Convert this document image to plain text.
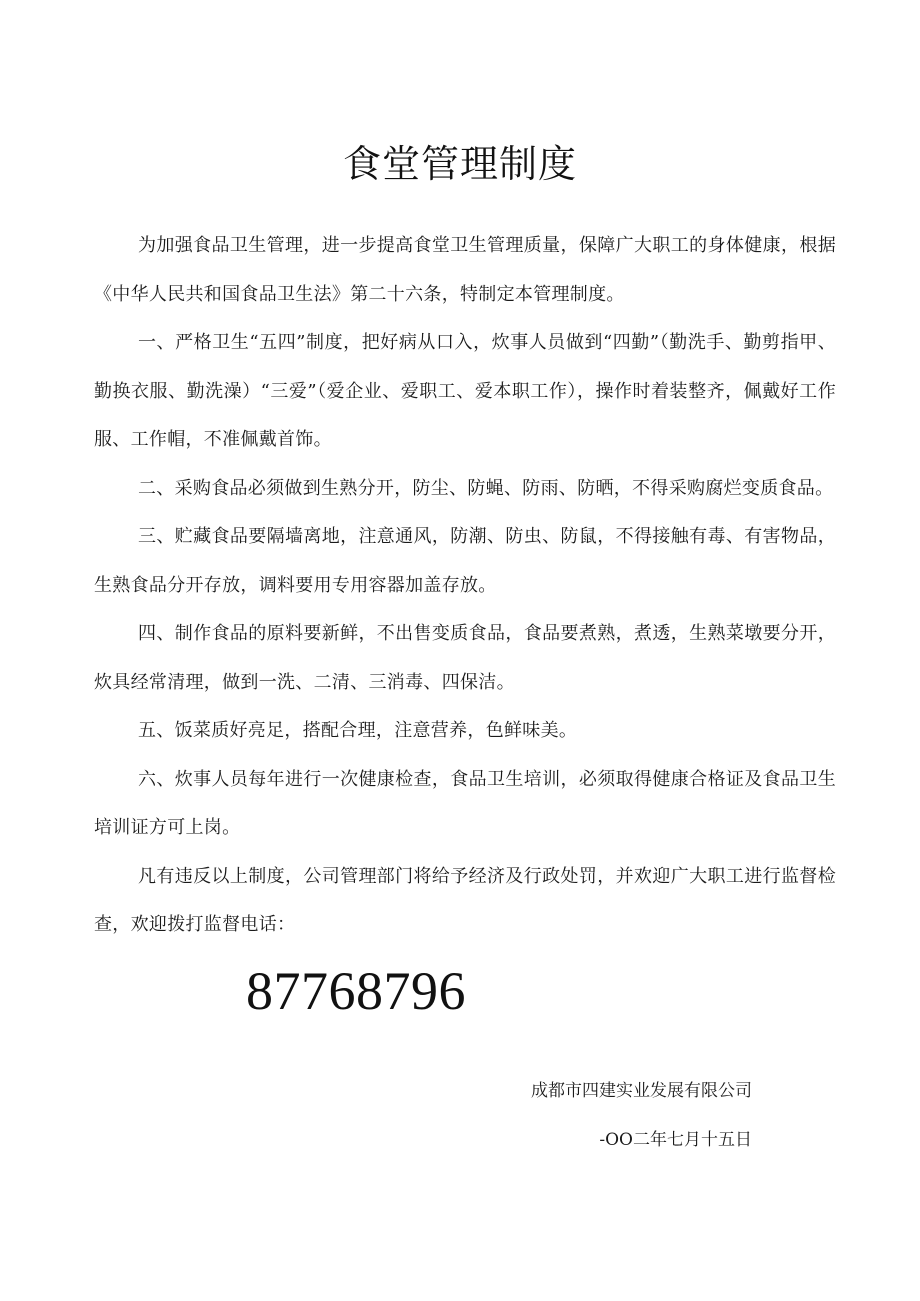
食堂管理制度

为加强食品卫生管理，进一步提高食堂卫生管理质量，保障广大职工的身体健康，根据《中华人民共和国食品卫生法》第二十六条，特制定本管理制度。

一、严格卫生“五四”制度，把好病从口入，炊事人员做到“四勤”（勤洗手、勤剪指甲、勤换衣服、勤洗澡）“三爱”（爱企业、爱职工、爱本职工作），操作时着装整齐，佩戴好工作服、工作帽，不准佩戴首饰。

二、采购食品必须做到生熟分开，防尘、防蝇、防雨、防晒，不得采购腐烂变质食品。

三、贮藏食品要隔墙离地，注意通风，防潮、防虫、防鼠，不得接触有毒、有害物品，生熟食品分开存放，调料要用专用容器加盖存放。

四、制作食品的原料要新鲜，不出售变质食品，食品要煮熟，煮透，生熟菜墩要分开，炊具经常清理，做到一洗、二清、三消毒、四保洁。

五、饭菜质好亮足，搭配合理，注意营养，色鲜味美。

六、炊事人员每年进行一次健康检查，食品卫生培训，必须取得健康合格证及食品卫生培训证方可上岗。

凡有违反以上制度，公司管理部门将给予经济及行政处罚，并欢迎广大职工进行监督检查，欢迎拨打监督电话：

87768796
成都市四建实业发展有限公司
-OO二年七月十五日
